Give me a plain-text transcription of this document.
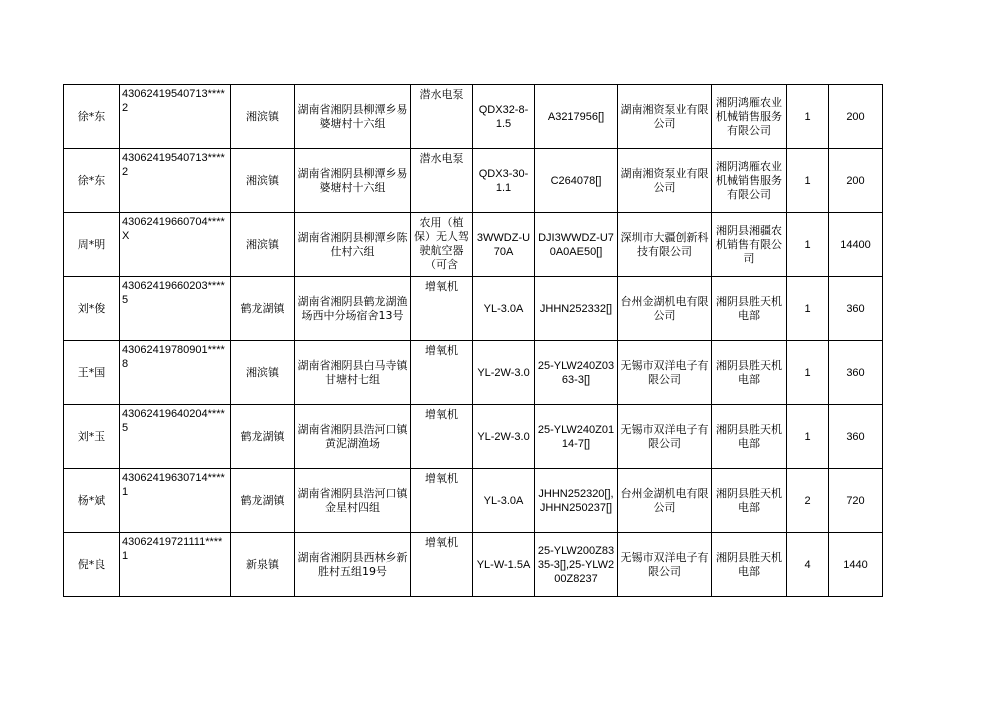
徐*东	43062419540713****2	湘滨镇	湖南省湘阴县柳潭乡易婆塘村十六组	潜水电泵	QDX32-8-1.5	A3217956[]	湖南湘资泵业有限公司	湘阴鸿雁农业机械销售服务有限公司	1	200
徐*东	43062419540713****2	湘滨镇	湖南省湘阴县柳潭乡易婆塘村十六组	潜水电泵	QDX3-30-1.1	C264078[]	湖南湘资泵业有限公司	湘阴鸿雁农业机械销售服务有限公司	1	200
周*明	43062419660704****X	湘滨镇	湖南省湘阴县柳潭乡陈仕村六组	农用（植保）无人驾驶航空器（可含	3WWDZ-U70A	DJI3WWDZ-U70A0AE50[]	深圳市大疆创新科技有限公司	湘阴县湘疆农机销售有限公司	1	14400
刘*俊	43062419660203****5	鹤龙湖镇	湖南省湘阴县鹤龙湖渔场西中分场宿舍13号	增氧机	YL-3.0A	JHHN252332[]	台州金湖机电有限公司	湘阴县胜天机电部	1	360
王*国	43062419780901****8	湘滨镇	湖南省湘阴县白马寺镇甘塘村七组	增氧机	YL-2W-3.0	25-YLW240Z0363-3[]	无锡市双洋电子有限公司	湘阴县胜天机电部	1	360
刘*玉	43062419640204****5	鹤龙湖镇	湖南省湘阴县浩河口镇黄泥湖渔场	增氧机	YL-2W-3.0	25-YLW240Z0114-7[]	无锡市双洋电子有限公司	湘阴县胜天机电部	1	360
杨*斌	43062419630714****1	鹤龙湖镇	湖南省湘阴县浩河口镇金星村四组	增氧机	YL-3.0A	JHHN252320[],JHHN250237[]	台州金湖机电有限公司	湘阴县胜天机电部	2	720
倪*良	43062419721111****1	新泉镇	湖南省湘阴县西林乡新胜村五组19号	增氧机	YL-W-1.5A	25-YLW200Z8335-3[],25-YLW200Z8237	无锡市双洋电子有限公司	湘阴县胜天机电部	4	1440
